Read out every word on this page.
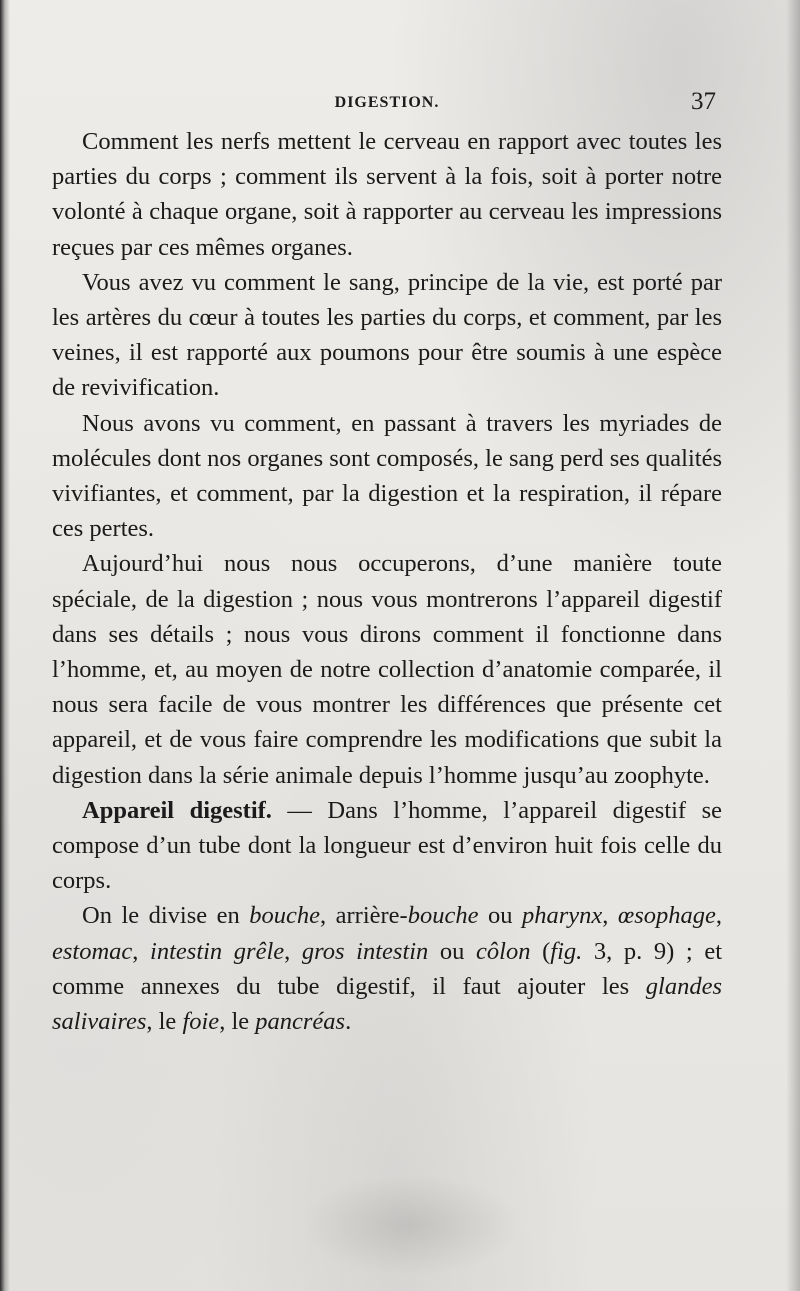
DIGESTION.	37

Comment les nerfs mettent le cerveau en rapport avec toutes les parties du corps ; comment ils servent à la fois, soit à porter notre volonté à chaque organe, soit à rapporter au cerveau les impressions reçues par ces mêmes organes.

Vous avez vu comment le sang, principe de la vie, est porté par les artères du cœur à toutes les parties du corps, et comment, par les veines, il est rapporté aux poumons pour être soumis à une espèce de revivification.

Nous avons vu comment, en passant à travers les myriades de molécules dont nos organes sont composés, le sang perd ses qualités vivifiantes, et comment, par la digestion et la respiration, il répare ces pertes.

Aujourd’hui nous nous occuperons, d’une manière toute spéciale, de la digestion ; nous vous montrerons l’appareil digestif dans ses détails ; nous vous dirons comment il fonctionne dans l’homme, et, au moyen de notre collection d’anatomie comparée, il nous sera facile de vous montrer les différences que présente cet appareil, et de vous faire comprendre les modifications que subit la digestion dans la série animale depuis l’homme jusqu’au zoophyte.

Appareil digestif. — Dans l’homme, l’appareil digestif se compose d’un tube dont la longueur est d’environ huit fois celle du corps.

On le divise en bouche, arrière-bouche ou pharynx, œsophage, estomac, intestin grêle, gros intestin ou côlon (fig. 3, p. 9) ; et comme annexes du tube digestif, il faut ajouter les glandes salivaires, le foie, le pancréas.
